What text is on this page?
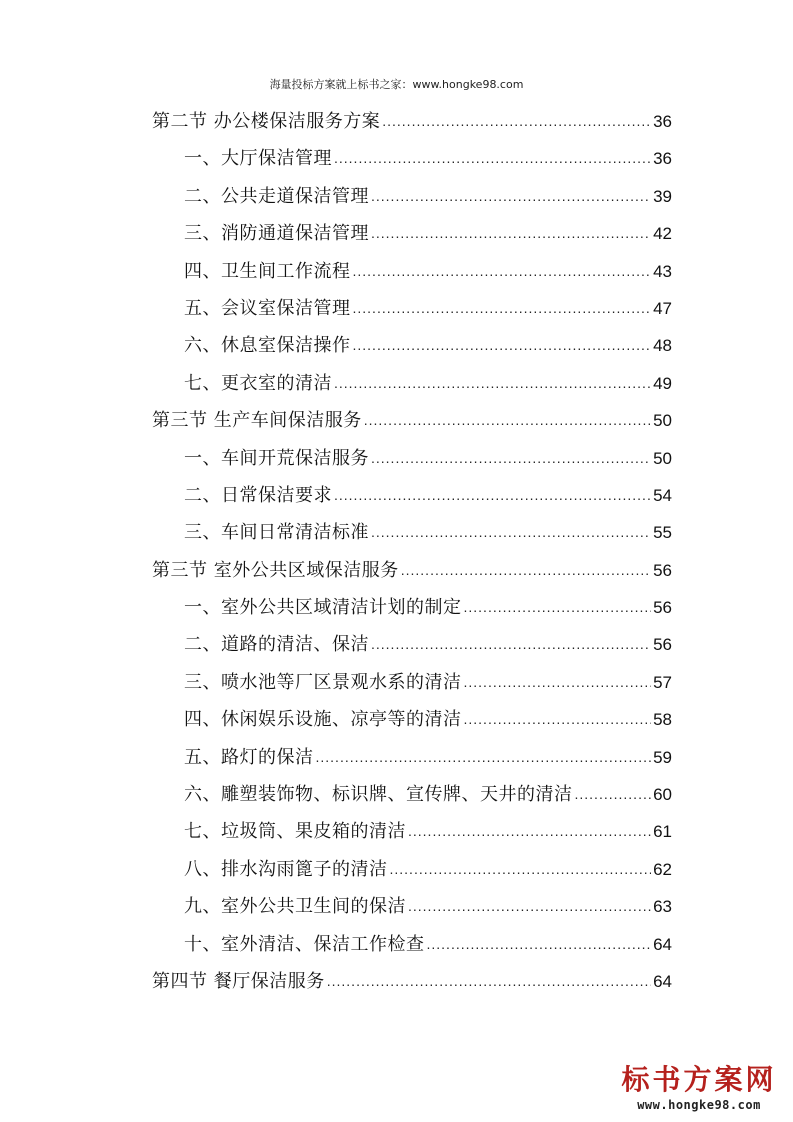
海量投标方案就上标书之家：www.hongke98.com
第二节 办公楼保洁服务方案 .....	36
一、大厅保洁管理 .....	36
二、公共走道保洁管理 .....	39
三、消防通道保洁管理 .....	42
四、卫生间工作流程 .....	43
五、会议室保洁管理 .....	47
六、休息室保洁操作 .....	48
七、更衣室的清洁 .....	49
第三节 生产车间保洁服务 .....	50
一、车间开荒保洁服务 .....	50
二、日常保洁要求 .....	54
三、车间日常清洁标准 .....	55
第三节 室外公共区域保洁服务 .....	56
一、室外公共区域清洁计划的制定 .....	56
二、道路的清洁、保洁 .....	56
三、喷水池等厂区景观水系的清洁 .....	57
四、休闲娱乐设施、凉亭等的清洁 .....	58
五、路灯的保洁 .....	59
六、雕塑装饰物、标识牌、宣传牌、天井的清洁 .....	60
七、垃圾筒、果皮箱的清洁 .....	61
八、排水沟雨篦子的清洁 .....	62
九、室外公共卫生间的保洁 .....	63
十、室外清洁、保洁工作检查 .....	64
第四节 餐厅保洁服务 .....	64
标书方案网
www.hongke98.com
